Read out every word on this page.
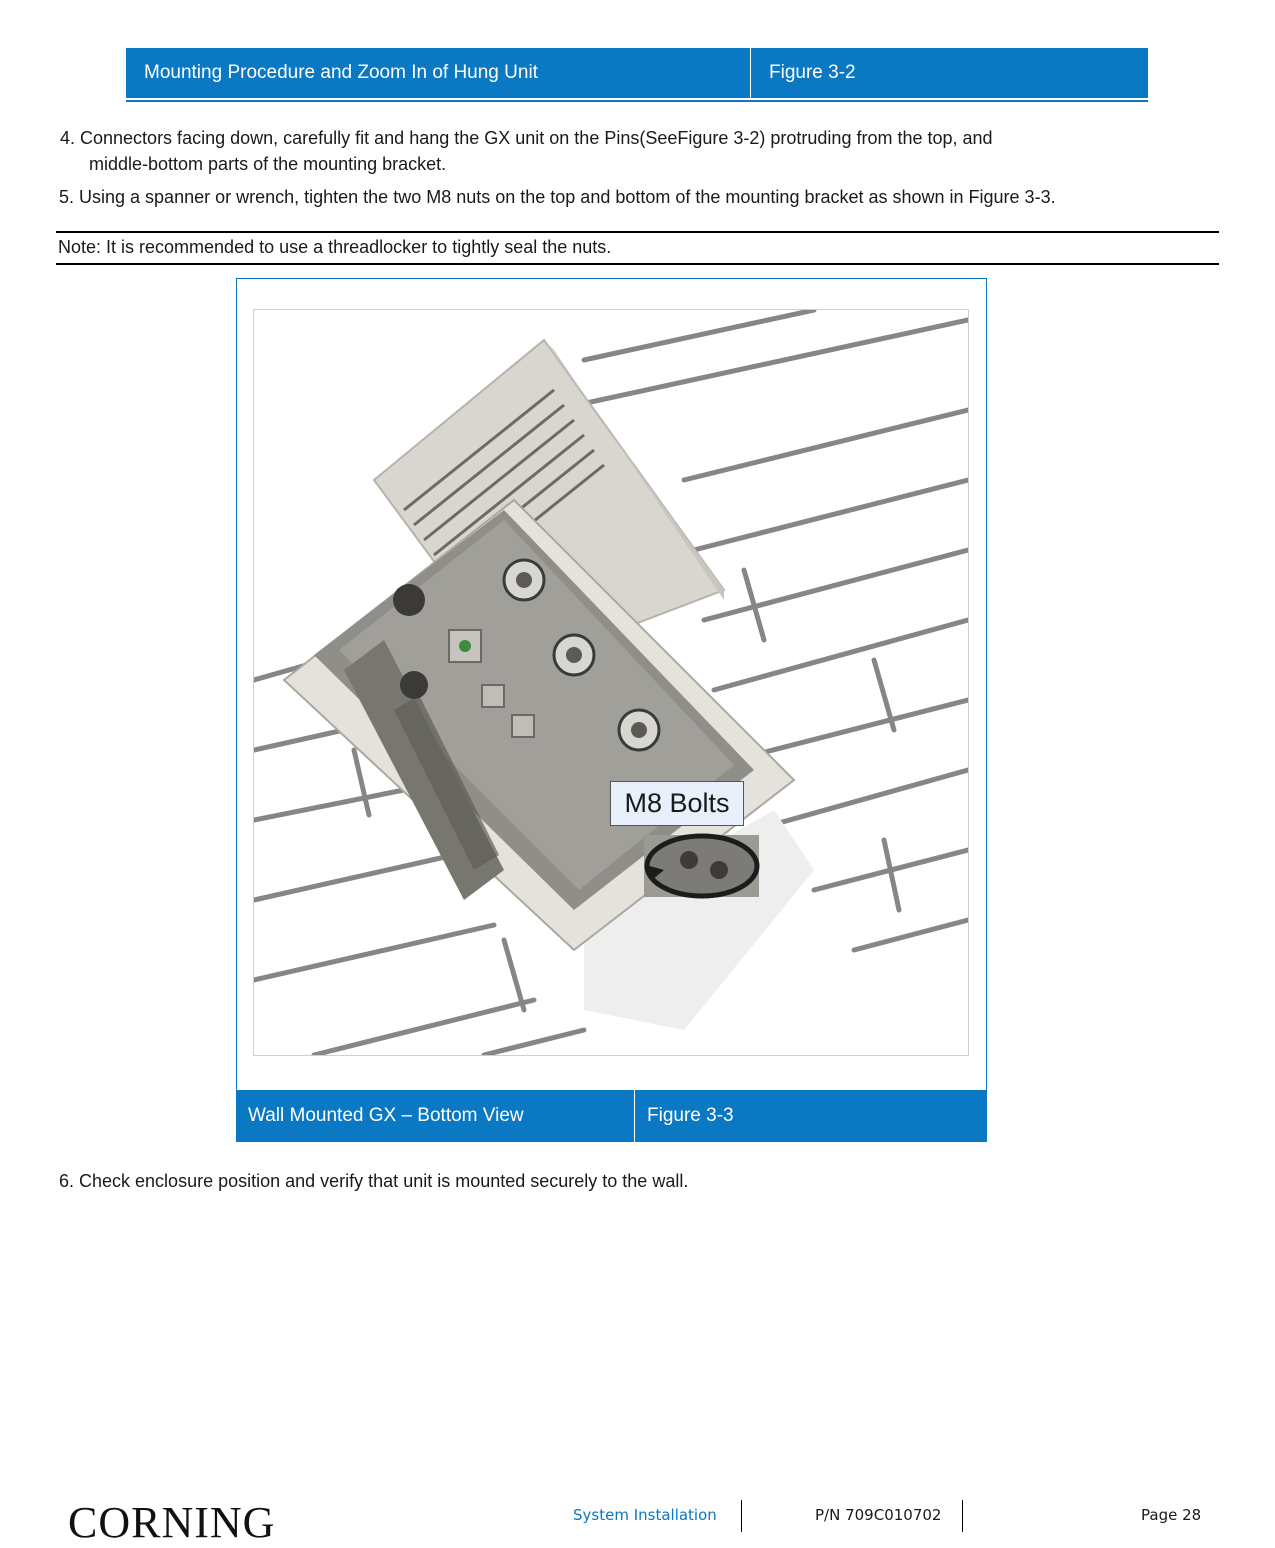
Mounting Procedure and Zoom In of Hung Unit	Figure 3-2
4. Connectors facing down, carefully fit and hang the GX unit on the Pins(SeeFigure 3-2) protruding from the top, and
middle-bottom parts of the mounting bracket.
5. Using a spanner or wrench, tighten the two M8 nuts on the top and bottom of the mounting bracket as shown in Figure 3-3.
Note: It is recommended to use a threadlocker to tightly seal the nuts.
M8 Bolts
Wall Mounted GX – Bottom View	Figure 3-3
6. Check enclosure position and verify that unit is mounted securely to the wall.
CORNING	System Installation	P/N 709C010702	Page 28
